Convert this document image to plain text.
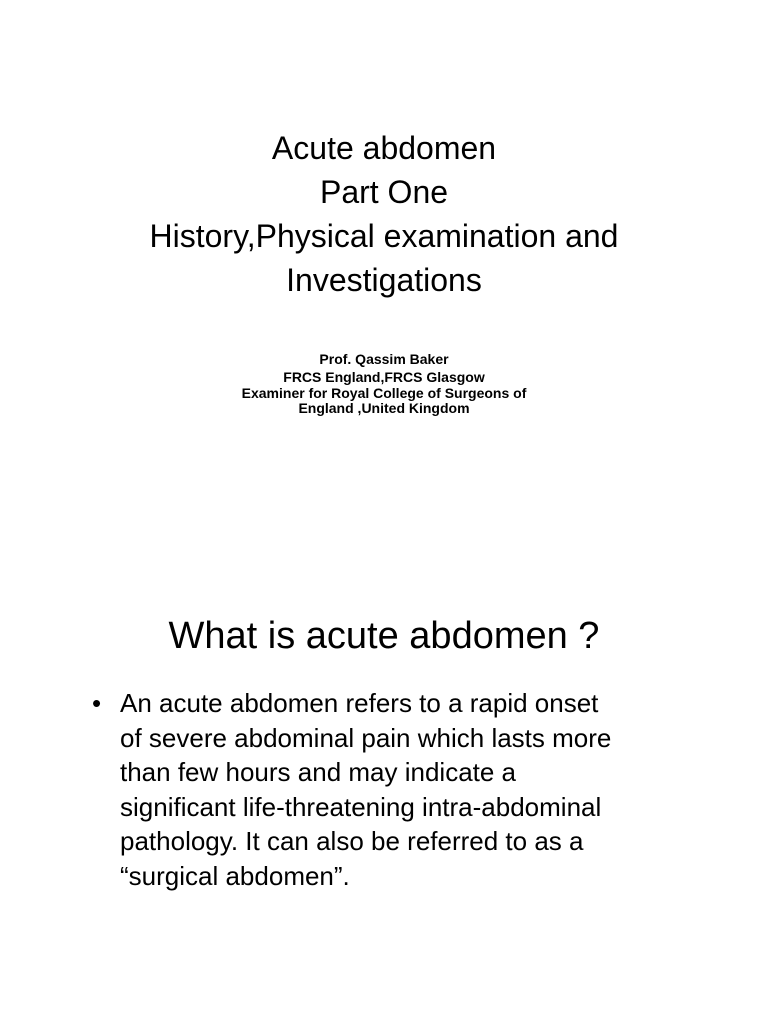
Acute abdomen
Part One
History,Physical examination and
Investigations
Prof. Qassim Baker
FRCS England,FRCS Glasgow
Examiner for Royal College of Surgeons of
England ,United Kingdom
What is acute abdomen ?
• An acute abdomen refers to a rapid onset
of severe abdominal pain which lasts more
than few hours and may indicate a
significant life-threatening intra-abdominal
pathology. It can also be referred to as a
“surgical abdomen”.
